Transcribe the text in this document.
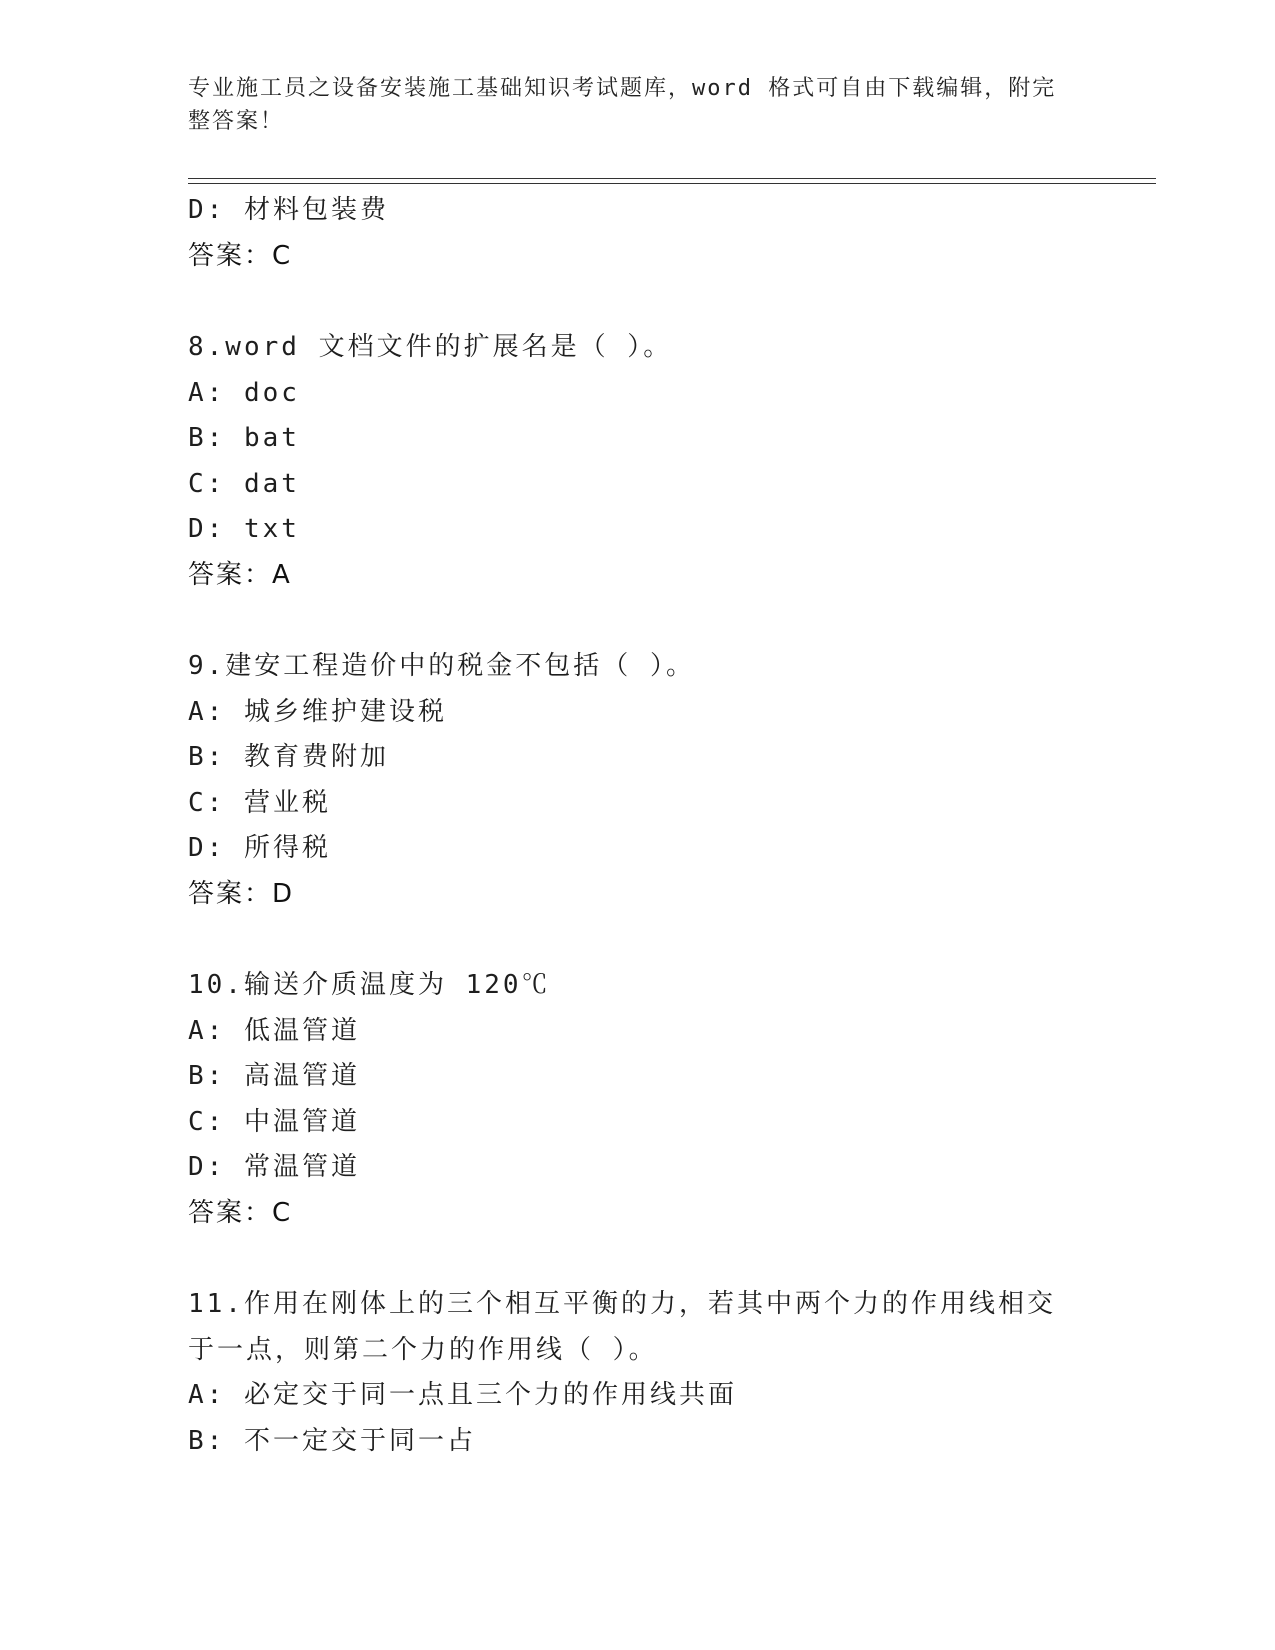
专业施工员之设备安装施工基础知识考试题库，word 格式可自由下载编辑，附完整答案！
D: 材料包装费
答案：C
8.word 文档文件的扩展名是（ ）。
A: doc
B: bat
C: dat
D: txt
答案：A
9.建安工程造价中的税金不包括（ ）。
A: 城乡维护建设税
B: 教育费附加
C: 营业税
D: 所得税
答案：D
10.输送介质温度为 120℃
A: 低温管道
B: 高温管道
C: 中温管道
D: 常温管道
答案：C
11.作用在刚体上的三个相互平衡的力，若其中两个力的作用线相交于一点，则第二个力的作用线（ ）。
A: 必定交于同一点且三个力的作用线共面
B: 不一定交于同一占
